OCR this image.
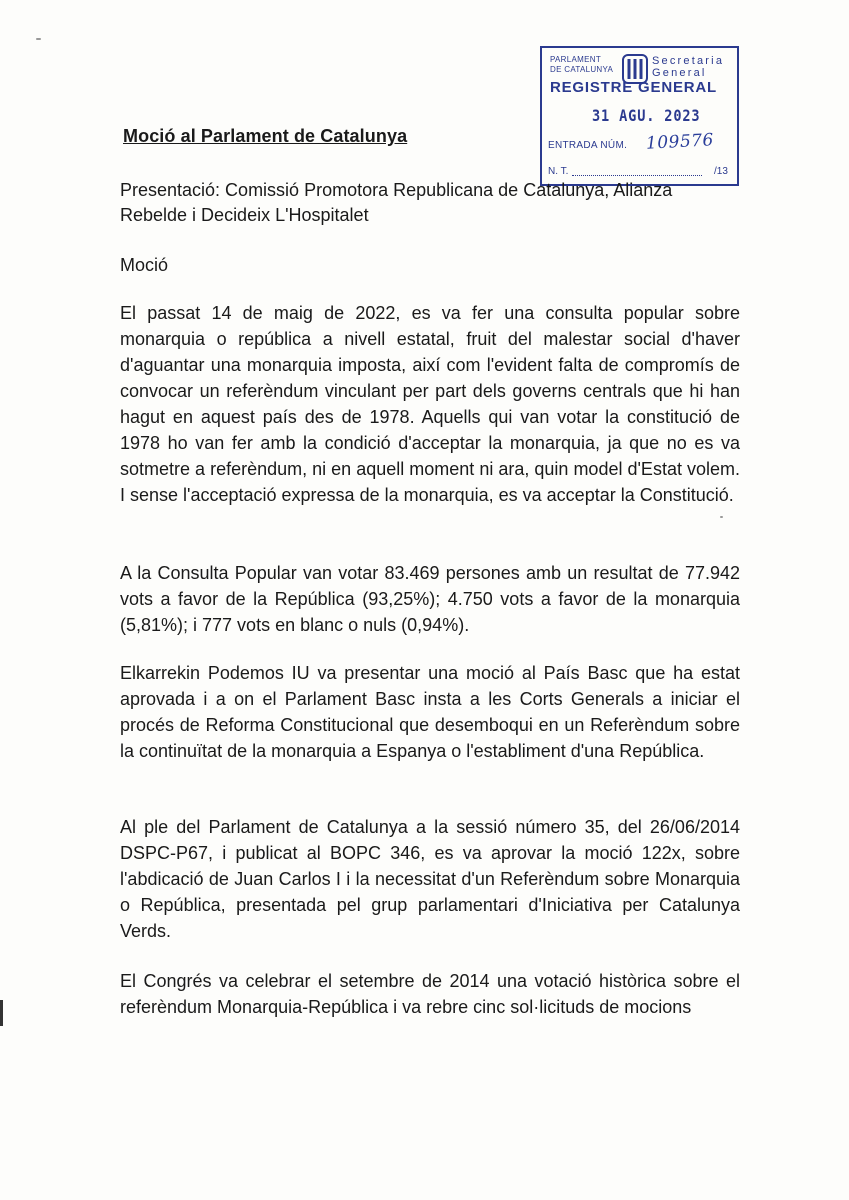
PARLAMENT
DE CATALUNYA
Secretaria
General
REGISTRE GENERAL
31 AGU. 2023
ENTRADA NÚM. 109576
N. T.	/13
Moció al Parlament de Catalunya
Presentació: Comissió Promotora Republicana de Catalunya, Alianza Rebelde i Decideix L'Hospitalet
Moció
El passat 14 de maig de 2022, es va fer una consulta popular sobre monarquia o república a nivell estatal, fruit del malestar social d'haver d'aguantar una monarquia imposta, així com l'evident falta de compromís de convocar un referèndum vinculant per part dels governs centrals que hi han hagut en aquest país des de 1978. Aquells qui van votar la constitució de 1978 ho van fer amb la condició d'acceptar la monarquia, ja que no es va sotmetre a referèndum, ni en aquell moment ni ara, quin model d'Estat volem. I sense l'acceptació expressa de la monarquia, es va acceptar la Constitució.
A la Consulta Popular van votar 83.469 persones amb un resultat de 77.942 vots a favor de la República (93,25%); 4.750 vots a favor de la monarquia (5,81%); i 777 vots en blanc o nuls (0,94%).
Elkarrekin Podemos IU va presentar una moció al País Basc que ha estat aprovada i a on el Parlament Basc insta a les Corts Generals a iniciar el procés de Reforma Constitucional que desemboqui en un Referèndum sobre la continuïtat de la monarquia a Espanya o l'establiment d'una República.
Al ple del Parlament de Catalunya a la sessió número 35, del 26/06/2014 DSPC-P67, i publicat al BOPC 346, es va aprovar la moció 122x, sobre l'abdicació de Juan Carlos I i la necessitat d'un Referèndum sobre Monarquia o República, presentada pel grup parlamentari d'Iniciativa per Catalunya Verds.
El Congrés va celebrar el setembre de 2014 una votació històrica sobre el referèndum Monarquia-República i va rebre cinc sol·licituds de mocions
